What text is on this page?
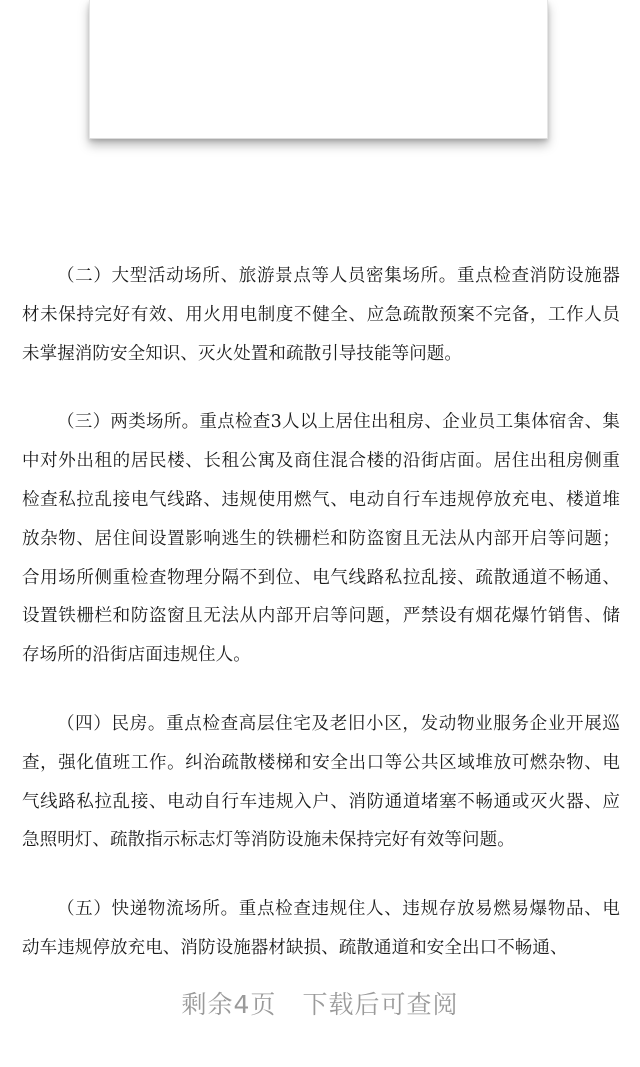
（二）大型活动场所、旅游景点等人员密集场所。重点检查消防设施器材未保持完好有效、用火用电制度不健全、应急疏散预案不完备，工作人员未掌握消防安全知识、灭火处置和疏散引导技能等问题。

（三）两类场所。重点检查3人以上居住出租房、企业员工集体宿舍、集中对外出租的居民楼、长租公寓及商住混合楼的沿街店面。居住出租房侧重检查私拉乱接电气线路、违规使用燃气、电动自行车违规停放充电、楼道堆放杂物、居住间设置影响逃生的铁栅栏和防盗窗且无法从内部开启等问题；合用场所侧重检查物理分隔不到位、电气线路私拉乱接、疏散通道不畅通、设置铁栅栏和防盗窗且无法从内部开启等问题，严禁设有烟花爆竹销售、储存场所的沿街店面违规住人。

（四）民房。重点检查高层住宅及老旧小区，发动物业服务企业开展巡查，强化值班工作。纠治疏散楼梯和安全出口等公共区域堆放可燃杂物、电气线路私拉乱接、电动自行车违规入户、消防通道堵塞不畅通或灭火器、应急照明灯、疏散指示标志灯等消防设施未保持完好有效等问题。

（五）快递物流场所。重点检查违规住人、违规存放易燃易爆物品、电动车违规停放充电、消防设施器材缺损、疏散通道和安全出口不畅通、

剩余4页 下载后可查阅
